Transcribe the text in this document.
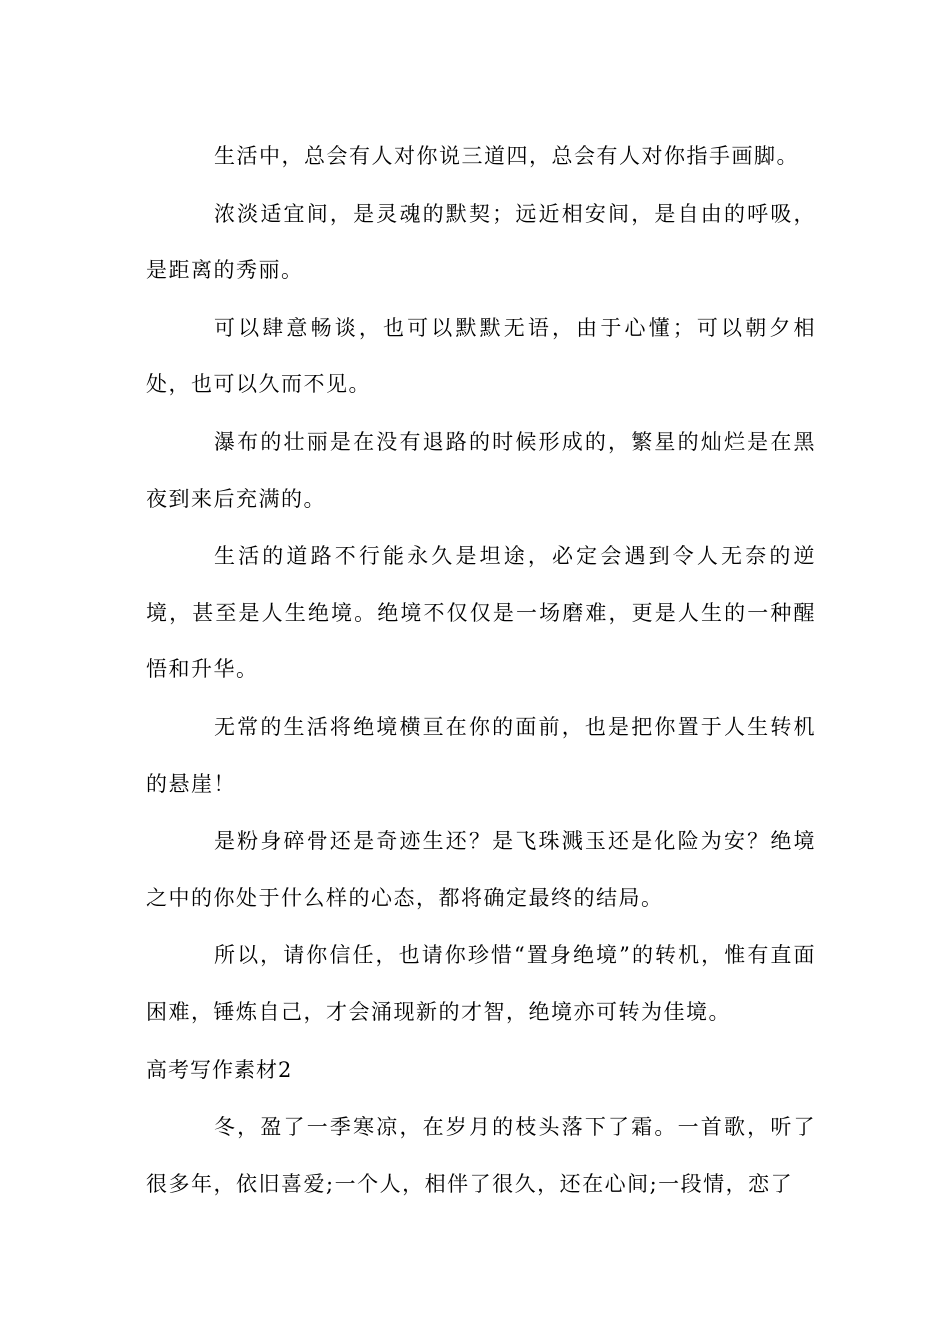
生活中，总会有人对你说三道四，总会有人对你指手画脚。

浓淡适宜间，是灵魂的默契；远近相安间，是自由的呼吸，是距离的秀丽。

可以肆意畅谈，也可以默默无语，由于心懂；可以朝夕相处，也可以久而不见。

瀑布的壮丽是在没有退路的时候形成的，繁星的灿烂是在黑夜到来后充满的。

生活的道路不行能永久是坦途，必定会遇到令人无奈的逆境，甚至是人生绝境。绝境不仅仅是一场磨难，更是人生的一种醒悟和升华。

无常的生活将绝境横亘在你的面前，也是把你置于人生转机的悬崖！

是粉身碎骨还是奇迹生还？是飞珠溅玉还是化险为安？绝境之中的你处于什么样的心态，都将确定最终的结局。

所以，请你信任，也请你珍惜“置身绝境”的转机，惟有直面困难，锤炼自己，才会涌现新的才智，绝境亦可转为佳境。

高考写作素材2

冬，盈了一季寒凉，在岁月的枝头落下了霜。一首歌，听了很多年，依旧喜爱;一个人，相伴了很久，还在心间;一段情，恋了
